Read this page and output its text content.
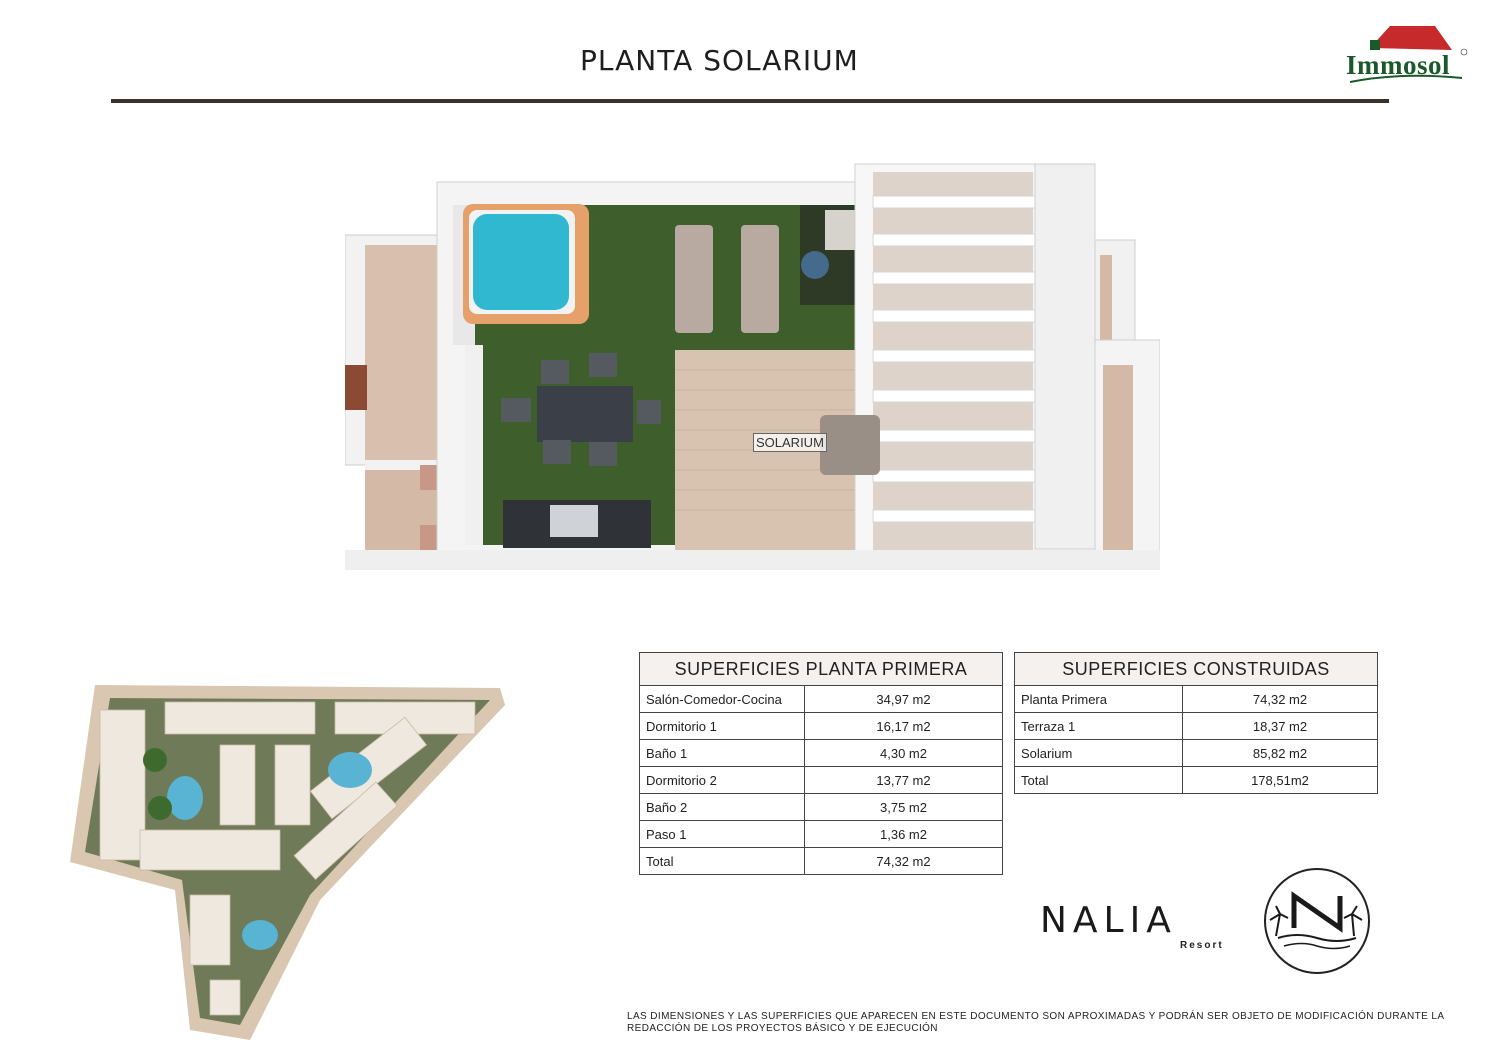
PLANTA SOLARIUM	Immosol
SOLARIUM
SUPERFICIES PLANTA PRIMERA	
Salón-Comedor-Cocina	34,97 m2
Dormitorio 1	16,17 m2
Baño 1	4,30 m2
Dormitorio 2	13,77 m2
Baño 2	3,75 m2
Paso 1	1,36 m2
Total	74,32 m2
SUPERFICIES CONSTRUIDAS	
Planta Primera	74,32 m2
Terraza 1	18,37 m2
Solarium	85,82 m2
Total	178,51m2
NALIA
Resort
LAS DIMENSIONES Y LAS SUPERFICIES QUE APARECEN EN ESTE DOCUMENTO SON APROXIMADAS Y PODRÁN SER OBJETO DE MODIFICACIÓN DURANTE LA REDACCIÓN DE LOS PROYECTOS BÁSICO Y DE EJECUCIÓN
